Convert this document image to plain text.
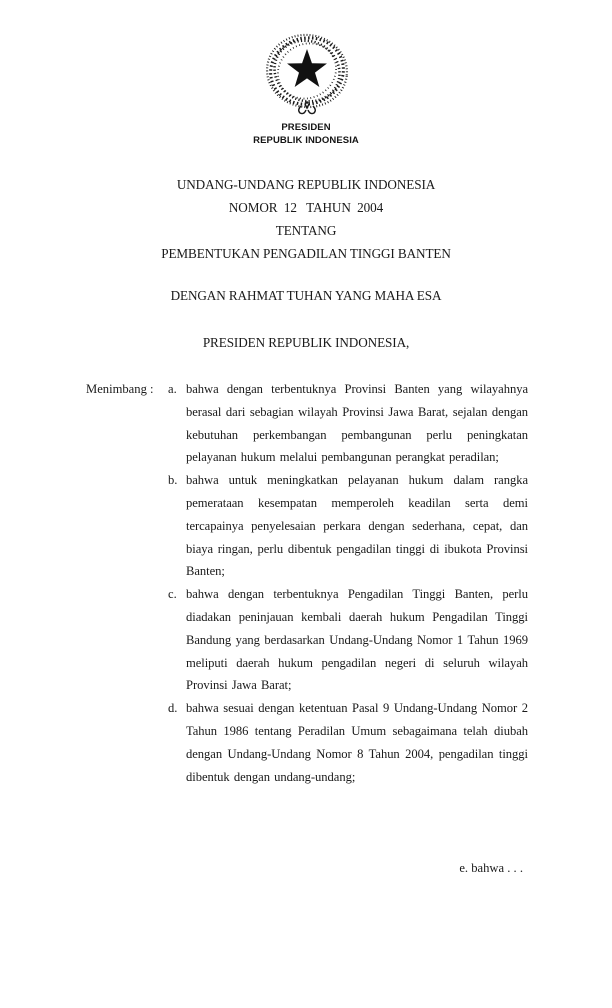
PRESIDEN
REPUBLIK INDONESIA
UNDANG-UNDANG REPUBLIK INDONESIA
NOMOR  12   TAHUN  2004
TENTANG
PEMBENTUKAN PENGADILAN TINGGI BANTEN
DENGAN RAHMAT TUHAN YANG MAHA ESA
PRESIDEN REPUBLIK INDONESIA,
Menimbang :	a. bahwa dengan terbentuknya Provinsi Banten yang wilayahnya berasal dari sebagian wilayah Provinsi Jawa Barat, sejalan dengan kebutuhan perkembangan pembangunan perlu peningkatan pelayanan hukum melalui pembangunan perangkat peradilan;
b. bahwa untuk meningkatkan pelayanan hukum dalam rangka pemerataan kesempatan memperoleh keadilan serta demi tercapainya penyelesaian perkara dengan sederhana, cepat, dan biaya ringan, perlu dibentuk pengadilan tinggi di ibukota Provinsi Banten;
c. bahwa dengan terbentuknya Pengadilan Tinggi Banten, perlu diadakan peninjauan kembali daerah hukum Pengadilan Tinggi Bandung yang berdasarkan Undang-Undang Nomor 1 Tahun 1969 meliputi daerah hukum pengadilan negeri di seluruh wilayah Provinsi Jawa Barat;
d. bahwa sesuai dengan ketentuan Pasal 9 Undang-Undang Nomor 2 Tahun 1986 tentang Peradilan Umum sebagaimana telah diubah dengan Undang-Undang Nomor 8 Tahun 2004, pengadilan tinggi dibentuk dengan undang-undang;
e. bahwa . . .
